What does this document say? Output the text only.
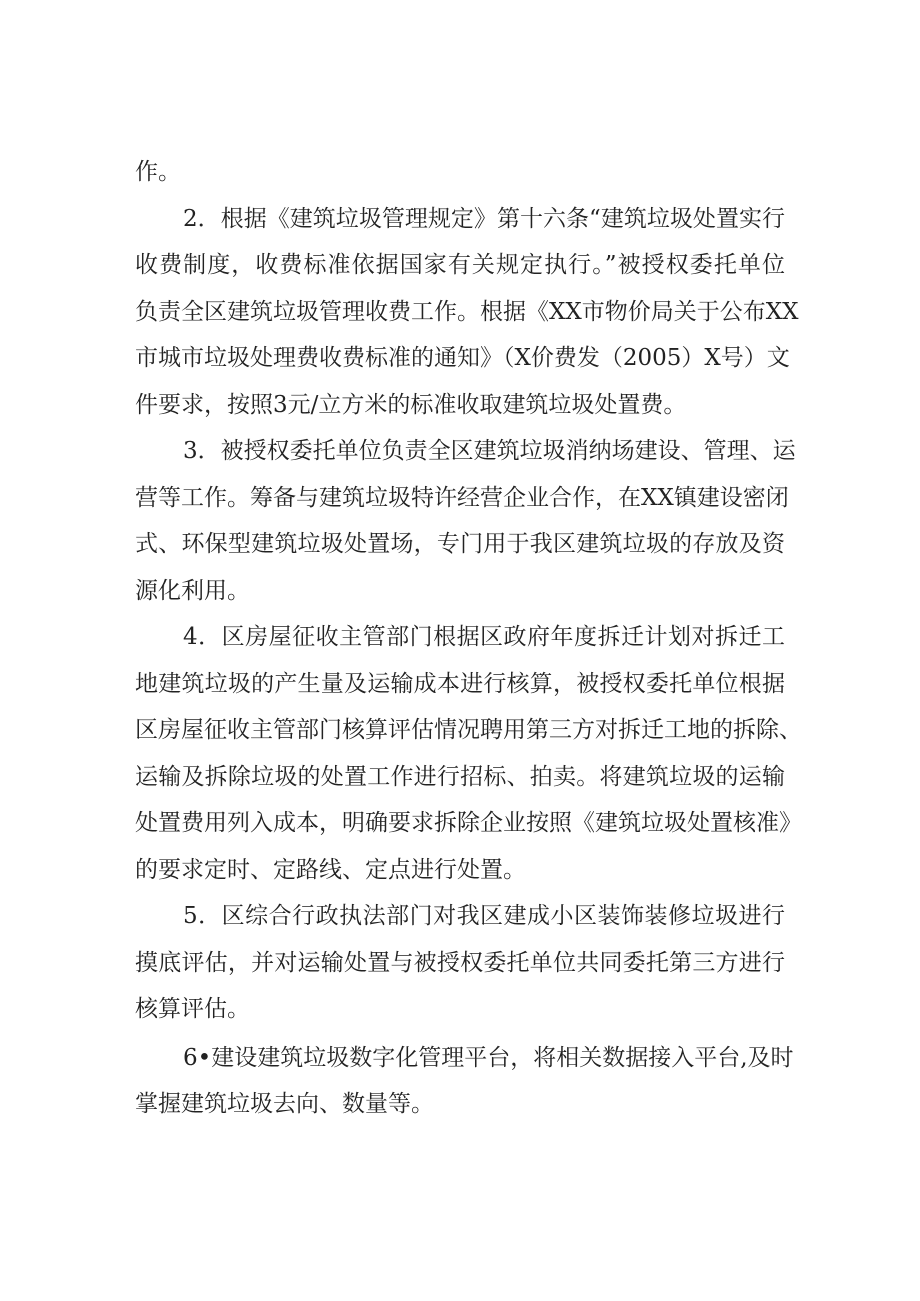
作。
2．根据《建筑垃圾管理规定》第十六条“建筑垃圾处置实行
收费制度，收费标准依据国家有关规定执行。”被授权委托单位
负责全区建筑垃圾管理收费工作。根据《XX市物价局关于公布XX
市城市垃圾处理费收费标准的通知》（X价费发（2005）X号）文
件要求，按照3元/立方米的标准收取建筑垃圾处置费。
3．被授权委托单位负责全区建筑垃圾消纳场建设、管理、运
营等工作。筹备与建筑垃圾特许经营企业合作，在XX镇建设密闭
式、环保型建筑垃圾处置场，专门用于我区建筑垃圾的存放及资
源化利用。
4．区房屋征收主管部门根据区政府年度拆迁计划对拆迁工
地建筑垃圾的产生量及运输成本进行核算，被授权委托单位根据
区房屋征收主管部门核算评估情况聘用第三方对拆迁工地的拆除、
运输及拆除垃圾的处置工作进行招标、拍卖。将建筑垃圾的运输
处置费用列入成本，明确要求拆除企业按照《建筑垃圾处置核准》
的要求定时、定路线、定点进行处置。
5．区综合行政执法部门对我区建成小区装饰装修垃圾进行
摸底评估，并对运输处置与被授权委托单位共同委托第三方进行
核算评估。
6•建设建筑垃圾数字化管理平台，将相关数据接入平台,及时
掌握建筑垃圾去向、数量等。
